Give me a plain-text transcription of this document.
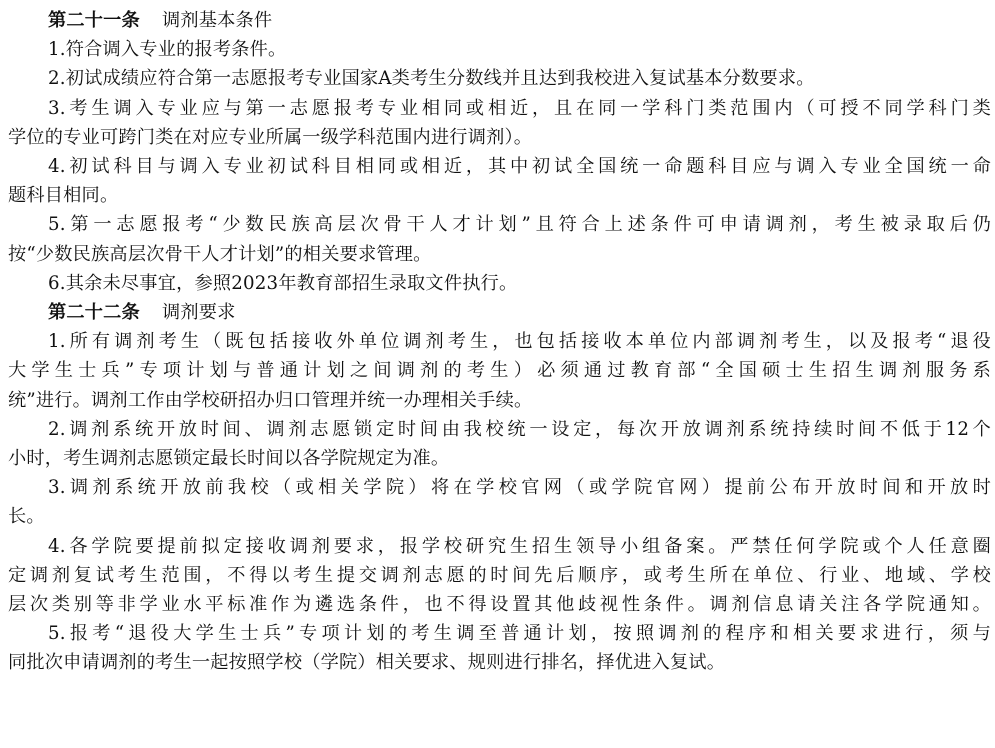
第二十一条 调剂基本条件
1.符合调入专业的报考条件。
2.初试成绩应符合第一志愿报考专业国家A类考生分数线并且达到我校进入复试基本分数要求。
3.考生调入专业应与第一志愿报考专业相同或相近，且在同一学科门类范围内（可授不同学科门类
学位的专业可跨门类在对应专业所属一级学科范围内进行调剂）。
4.初试科目与调入专业初试科目相同或相近，其中初试全国统一命题科目应与调入专业全国统一命
题科目相同。
5.第一志愿报考“少数民族高层次骨干人才计划”且符合上述条件可申请调剂，考生被录取后仍
按“少数民族高层次骨干人才计划”的相关要求管理。
6.其余未尽事宜，参照2023年教育部招生录取文件执行。
第二十二条 调剂要求
1.所有调剂考生（既包括接收外单位调剂考生，也包括接收本单位内部调剂考生，以及报考“退役
大学生士兵”专项计划与普通计划之间调剂的考生）必须通过教育部“全国硕士生招生调剂服务系
统”进行。调剂工作由学校研招办归口管理并统一办理相关手续。
2.调剂系统开放时间、调剂志愿锁定时间由我校统一设定，每次开放调剂系统持续时间不低于12个
小时，考生调剂志愿锁定最长时间以各学院规定为准。
3.调剂系统开放前我校（或相关学院）将在学校官网（或学院官网）提前公布开放时间和开放时
长。
4.各学院要提前拟定接收调剂要求，报学校研究生招生领导小组备案。严禁任何学院或个人任意圈
定调剂复试考生范围，不得以考生提交调剂志愿的时间先后顺序，或考生所在单位、行业、地域、学校
层次类别等非学业水平标准作为遴选条件，也不得设置其他歧视性条件。调剂信息请关注各学院通知。
5.报考“退役大学生士兵”专项计划的考生调至普通计划，按照调剂的程序和相关要求进行，须与
同批次申请调剂的考生一起按照学校（学院）相关要求、规则进行排名，择优进入复试。
